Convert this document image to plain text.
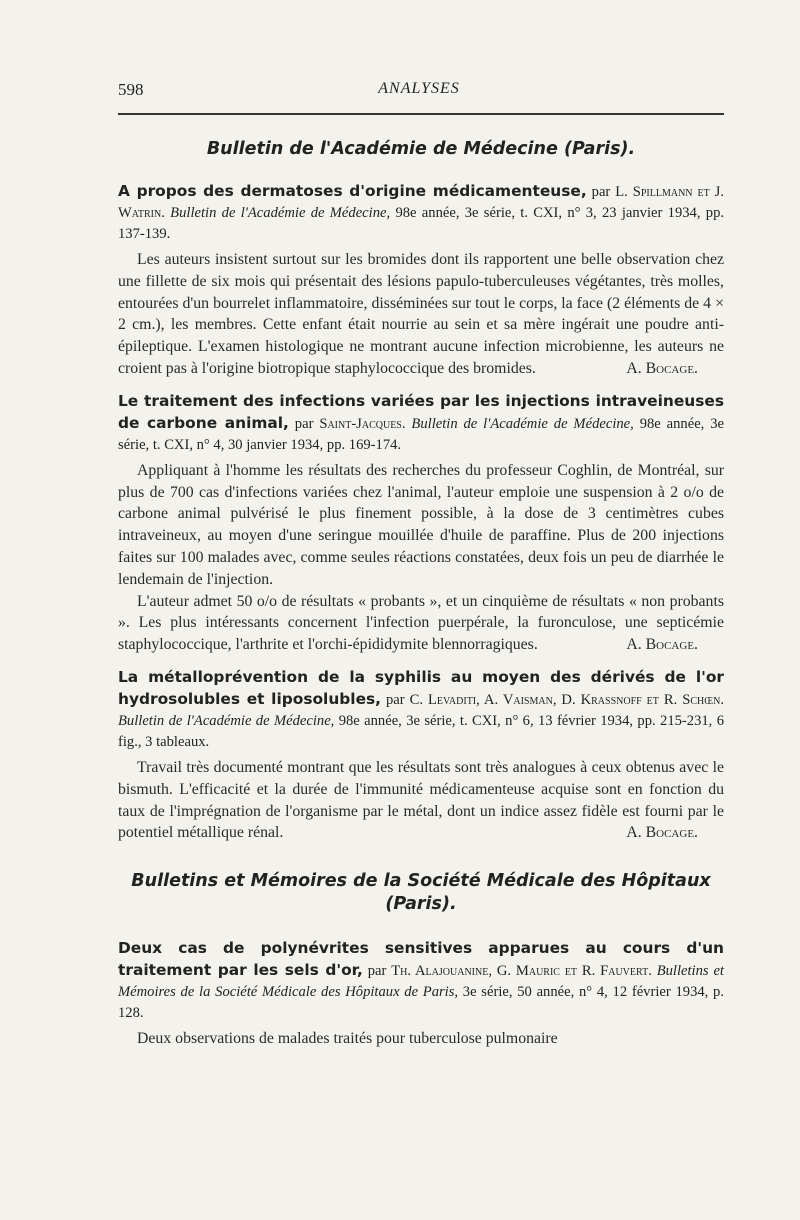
598	ANALYSES
Bulletin de l'Académie de Médecine (Paris).

A propos des dermatoses d'origine médicamenteuse, par L. Spillmann et J. Watrin. Bulletin de l'Académie de Médecine, 98e année, 3e série, t. CXI, n° 3, 23 janvier 1934, pp. 137-139.

Les auteurs insistent surtout sur les bromides dont ils rapportent une belle observation chez une fillette de six mois qui présentait des lésions papulo-tuberculeuses végétantes, très molles, entourées d'un bourrelet inflammatoire, disséminées sur tout le corps, la face (2 éléments de 4 × 2 cm.), les membres. Cette enfant était nourrie au sein et sa mère ingérait une poudre anti-épileptique. L'examen histologique ne montrant aucune infection microbienne, les auteurs ne croient pas à l'origine biotropique staphylococcique des bromides.	A. Bocage.

Le traitement des infections variées par les injections intraveineuses de carbone animal, par Saint-Jacques. Bulletin de l'Académie de Médecine, 98e année, 3e série, t. CXI, n° 4, 30 janvier 1934, pp. 169-174.

Appliquant à l'homme les résultats des recherches du professeur Coghlin, de Montréal, sur plus de 700 cas d'infections variées chez l'animal, l'auteur emploie une suspension à 2 o/o de carbone animal pulvérisé le plus finement possible, à la dose de 3 centimètres cubes intraveineux, au moyen d'une seringue mouillée d'huile de paraffine. Plus de 200 injections faites sur 100 malades avec, comme seules réactions constatées, deux fois un peu de diarrhée le lendemain de l'injection.

L'auteur admet 50 o/o de résultats « probants », et un cinquième de résultats « non probants ». Les plus intéressants concernent l'infection puerpérale, la furonculose, une septicémie staphylococcique, l'arthrite et l'orchi-épididymite blennorragiques.	A. Bocage.

La métalloprévention de la syphilis au moyen des dérivés de l'or hydrosolubles et liposolubles, par C. Levaditi, A. Vaisman, D. Krassnoff et R. Schœn. Bulletin de l'Académie de Médecine, 98e année, 3e série, t. CXI, n° 6, 13 février 1934, pp. 215-231, 6 fig., 3 tableaux.

Travail très documenté montrant que les résultats sont très analogues à ceux obtenus avec le bismuth. L'efficacité et la durée de l'immunité médicamenteuse acquise sont en fonction du taux de l'imprégnation de l'organisme par le métal, dont un indice assez fidèle est fourni par le potentiel métallique rénal.	A. Bocage.

Bulletins et Mémoires de la Société Médicale des Hôpitaux (Paris).

Deux cas de polynévrites sensitives apparues au cours d'un traitement par les sels d'or, par Th. Alajouanine, G. Mauric et R. Fauvert. Bulletins et Mémoires de la Société Médicale des Hôpitaux de Paris, 3e série, 50 année, n° 4, 12 février 1934, p. 128.

Deux observations de malades traités pour tuberculose pulmonaire
